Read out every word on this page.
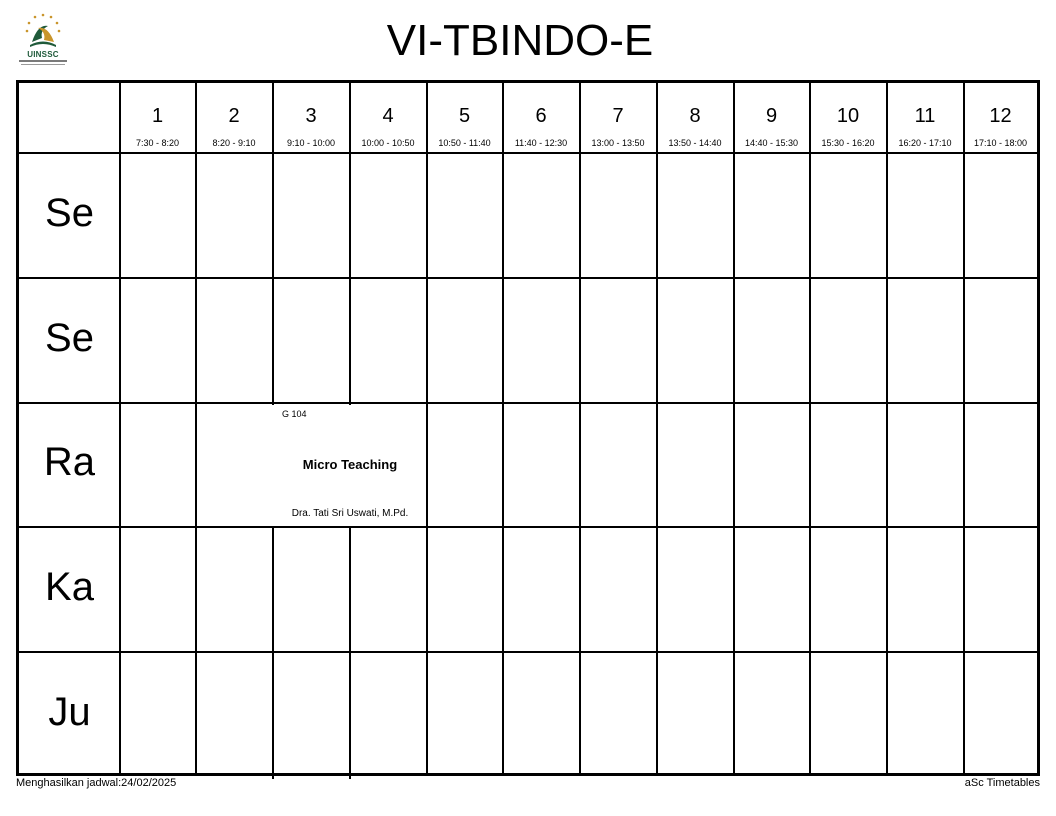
UINSSC	VI-TBINDO-E
1
7:30 - 8:20
2
8:20 - 9:10
3
9:10 - 10:00
4
10:00 - 10:50
5
10:50 - 11:40
6
11:40 - 12:30
7
13:00 - 13:50
8
13:50 - 14:40
9
14:40 - 15:30
10
15:30 - 16:20
11
16:20 - 17:10
12
17:10 - 18:00
Se
Se
Ra
Ka
Ju
G 104
Micro Teaching
Dra. Tati Sri Uswati, M.Pd.
Menghasilkan jadwal:24/02/2025	aSc Timetables
